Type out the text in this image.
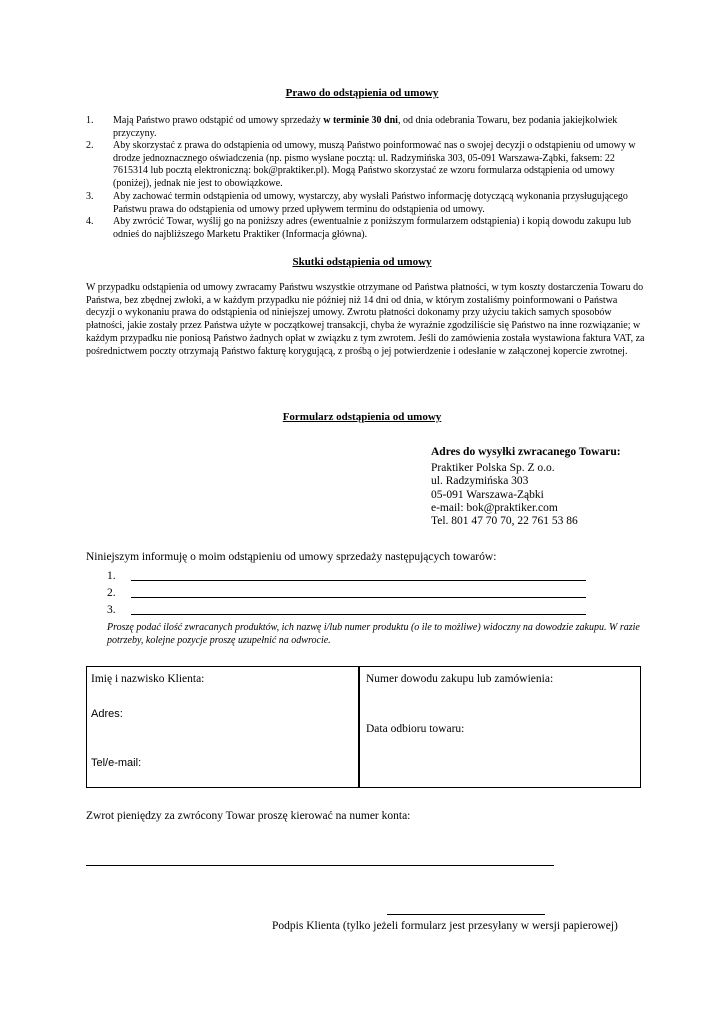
Prawo do odstąpienia od umowy
1.	Mają Państwo prawo odstąpić od umowy sprzedaży w terminie 30 dni, od dnia odebrania Towaru, bez podania jakiejkolwiek przyczyny.
2.	Aby skorzystać z prawa do odstąpienia od umowy, muszą Państwo poinformować nas o swojej decyzji o odstąpieniu od umowy w drodze jednoznacznego oświadczenia (np. pismo wysłane pocztą: ul. Radzymińska 303, 05-091 Warszawa-Ząbki, faksem: 22 7615314 lub pocztą elektroniczną: bok@praktiker.pl). Mogą Państwo skorzystać ze wzoru formularza odstąpienia od umowy (poniżej), jednak nie jest to obowiązkowe.
3.	Aby zachować termin odstąpienia od umowy, wystarczy, aby wysłali Państwo informację dotyczącą wykonania przysługującego Państwu prawa do odstąpienia od umowy przed upływem terminu do odstąpienia od umowy.
4.	Aby zwrócić Towar, wyślij go na poniższy adres (ewentualnie z poniższym formularzem odstąpienia) i kopią dowodu zakupu lub odnieś do najbliższego Marketu Praktiker (Informacja główna).
Skutki odstąpienia od umowy
W przypadku odstąpienia od umowy zwracamy Państwu wszystkie otrzymane od Państwa płatności, w tym koszty dostarczenia Towaru do Państwa, bez zbędnej zwłoki, a w każdym przypadku nie później niż 14 dni od dnia, w którym zostaliśmy poinformowani o Państwa decyzji o wykonaniu prawa do odstąpienia od niniejszej umowy. Zwrotu płatności dokonamy przy użyciu takich samych sposobów płatności, jakie zostały przez Państwa użyte w początkowej transakcji, chyba że wyraźnie zgodziliście się Państwo na inne rozwiązanie; w każdym przypadku nie poniosą Państwo żadnych opłat w związku z tym zwrotem. Jeśli do zamówienia została wystawiona faktura VAT, za pośrednictwem poczty otrzymają Państwo fakturę korygującą, z prośbą o jej potwierdzenie i odesłanie w załączonej kopercie zwrotnej.
Formularz odstąpienia od umowy
Adres do wysyłki zwracanego Towaru:
Praktiker Polska Sp. Z o.o.
ul. Radzymińska 303
05-091 Warszawa-Ząbki
e-mail: bok@praktiker.com
Tel. 801 47 70 70, 22 761 53 86
Niniejszym informuję o moim odstąpieniu od umowy sprzedaży następujących towarów:
1.
2.
3.
Proszę podać ilość zwracanych produktów, ich nazwę i/lub numer produktu (o ile to możliwe) widoczny na dowodzie zakupu. W razie potrzeby, kolejne pozycje proszę uzupełnić na odwrocie.
Imię i nazwisko Klienta:
Adres:
Tel/e-mail:
Numer dowodu zakupu lub zamówienia:
Data odbioru towaru:
Zwrot pieniędzy za zwrócony Towar proszę kierować na numer konta:
Podpis Klienta (tylko jeżeli formularz jest przesyłany w wersji papierowej)
